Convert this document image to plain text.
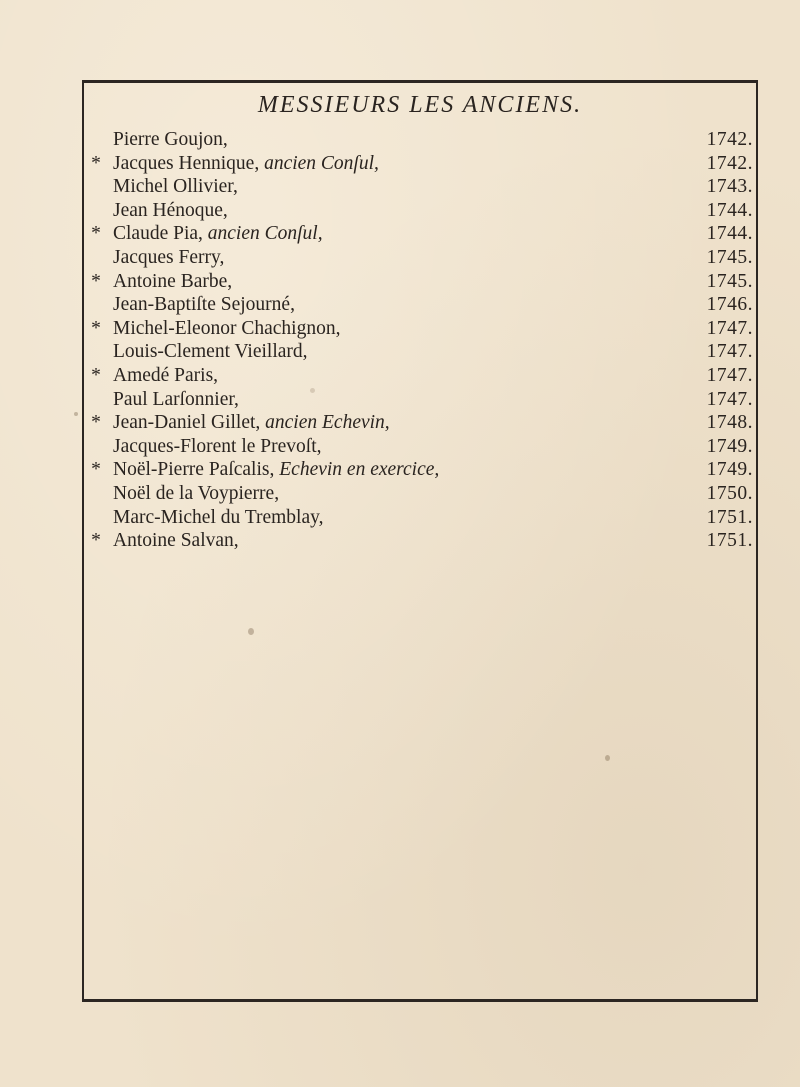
MESSIEURS LES ANCIENS.
Pierre Goujon,	1742.
* Jacques Hennique, ancien Conſul,	1742.
Michel Ollivier,	1743.
Jean Hénoque,	1744.
* Claude Pia, ancien Conſul,	1744.
Jacques Ferry,	1745.
* Antoine Barbe,	1745.
Jean-Baptiſte Sejourné,	1746.
* Michel-Eleonor Chachignon,	1747.
Louis-Clement Vieillard,	1747.
* Amedé Paris,	1747.
Paul Larſonnier,	1747.
* Jean-Daniel Gillet, ancien Echevin,	1748.
Jacques-Florent le Prevoſt,	1749.
* Noël-Pierre Paſcalis, Echevin en exercice,	1749.
Noël de la Voypierre,	1750.
Marc-Michel du Tremblay,	1751.
* Antoine Salvan,	1751.
